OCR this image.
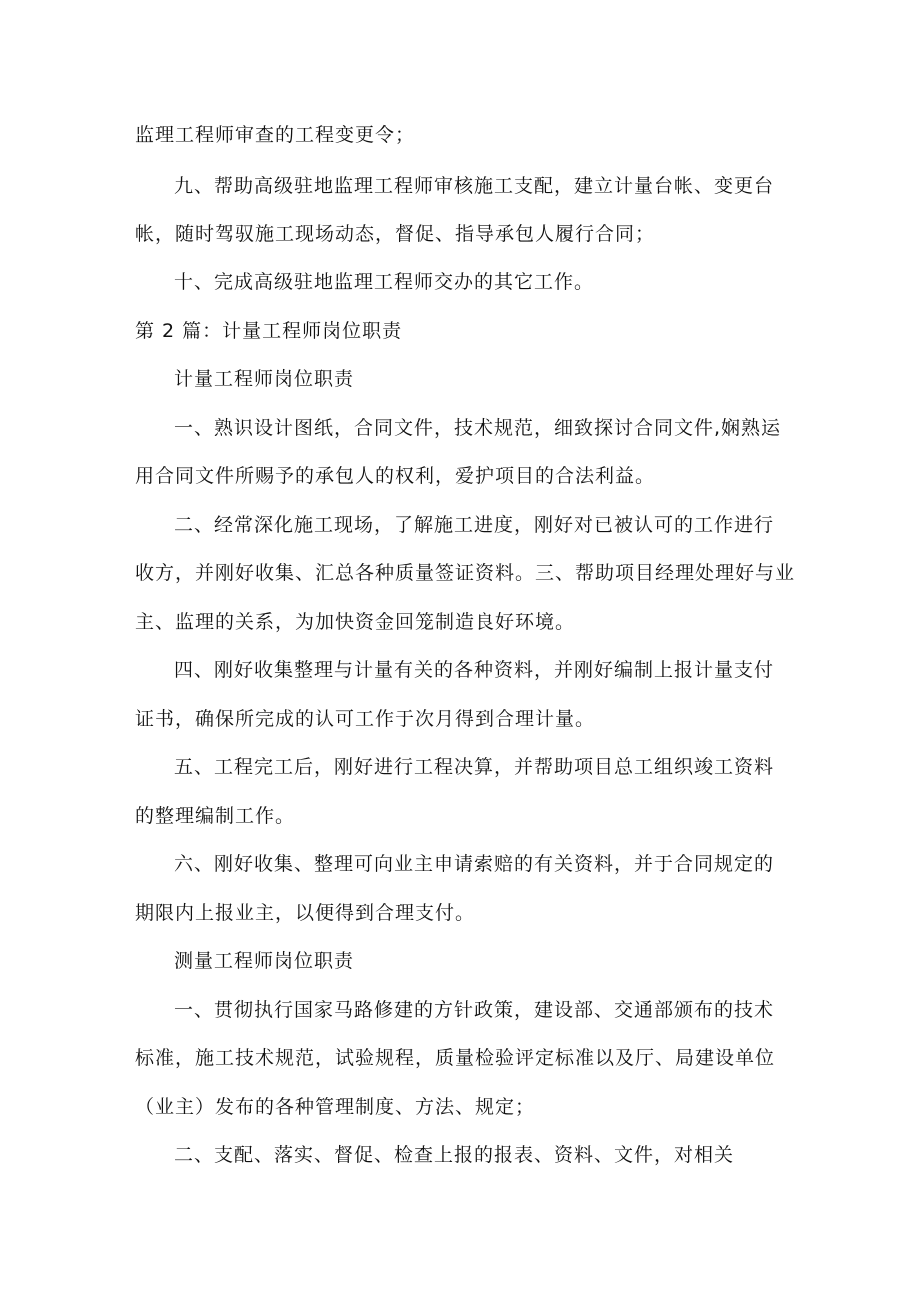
监理工程师审查的工程变更令；
九、帮助高级驻地监理工程师审核施工支配，建立计量台帐、变更台
帐，随时驾驭施工现场动态，督促、指导承包人履行合同；
十、完成高级驻地监理工程师交办的其它工作。
第 2 篇：计量工程师岗位职责
计量工程师岗位职责
一、熟识设计图纸，合同文件，技术规范，细致探讨合同文件,娴熟运
用合同文件所赐予的承包人的权利，爱护项目的合法利益。
二、经常深化施工现场，了解施工进度，刚好对已被认可的工作进行
收方，并刚好收集、汇总各种质量签证资料。三、帮助项目经理处理好与业
主、监理的关系，为加快资金回笼制造良好环境。
四、刚好收集整理与计量有关的各种资料，并刚好编制上报计量支付
证书，确保所完成的认可工作于次月得到合理计量。
五、工程完工后，刚好进行工程决算，并帮助项目总工组织竣工资料
的整理编制工作。
六、刚好收集、整理可向业主申请索赔的有关资料，并于合同规定的
期限内上报业主，以便得到合理支付。
测量工程师岗位职责
一、贯彻执行国家马路修建的方针政策，建设部、交通部颁布的技术
标准，施工技术规范，试验规程，质量检验评定标准以及厅、局建设单位
（业主）发布的各种管理制度、方法、规定；
二、支配、落实、督促、检查上报的报表、资料、文件，对相关
